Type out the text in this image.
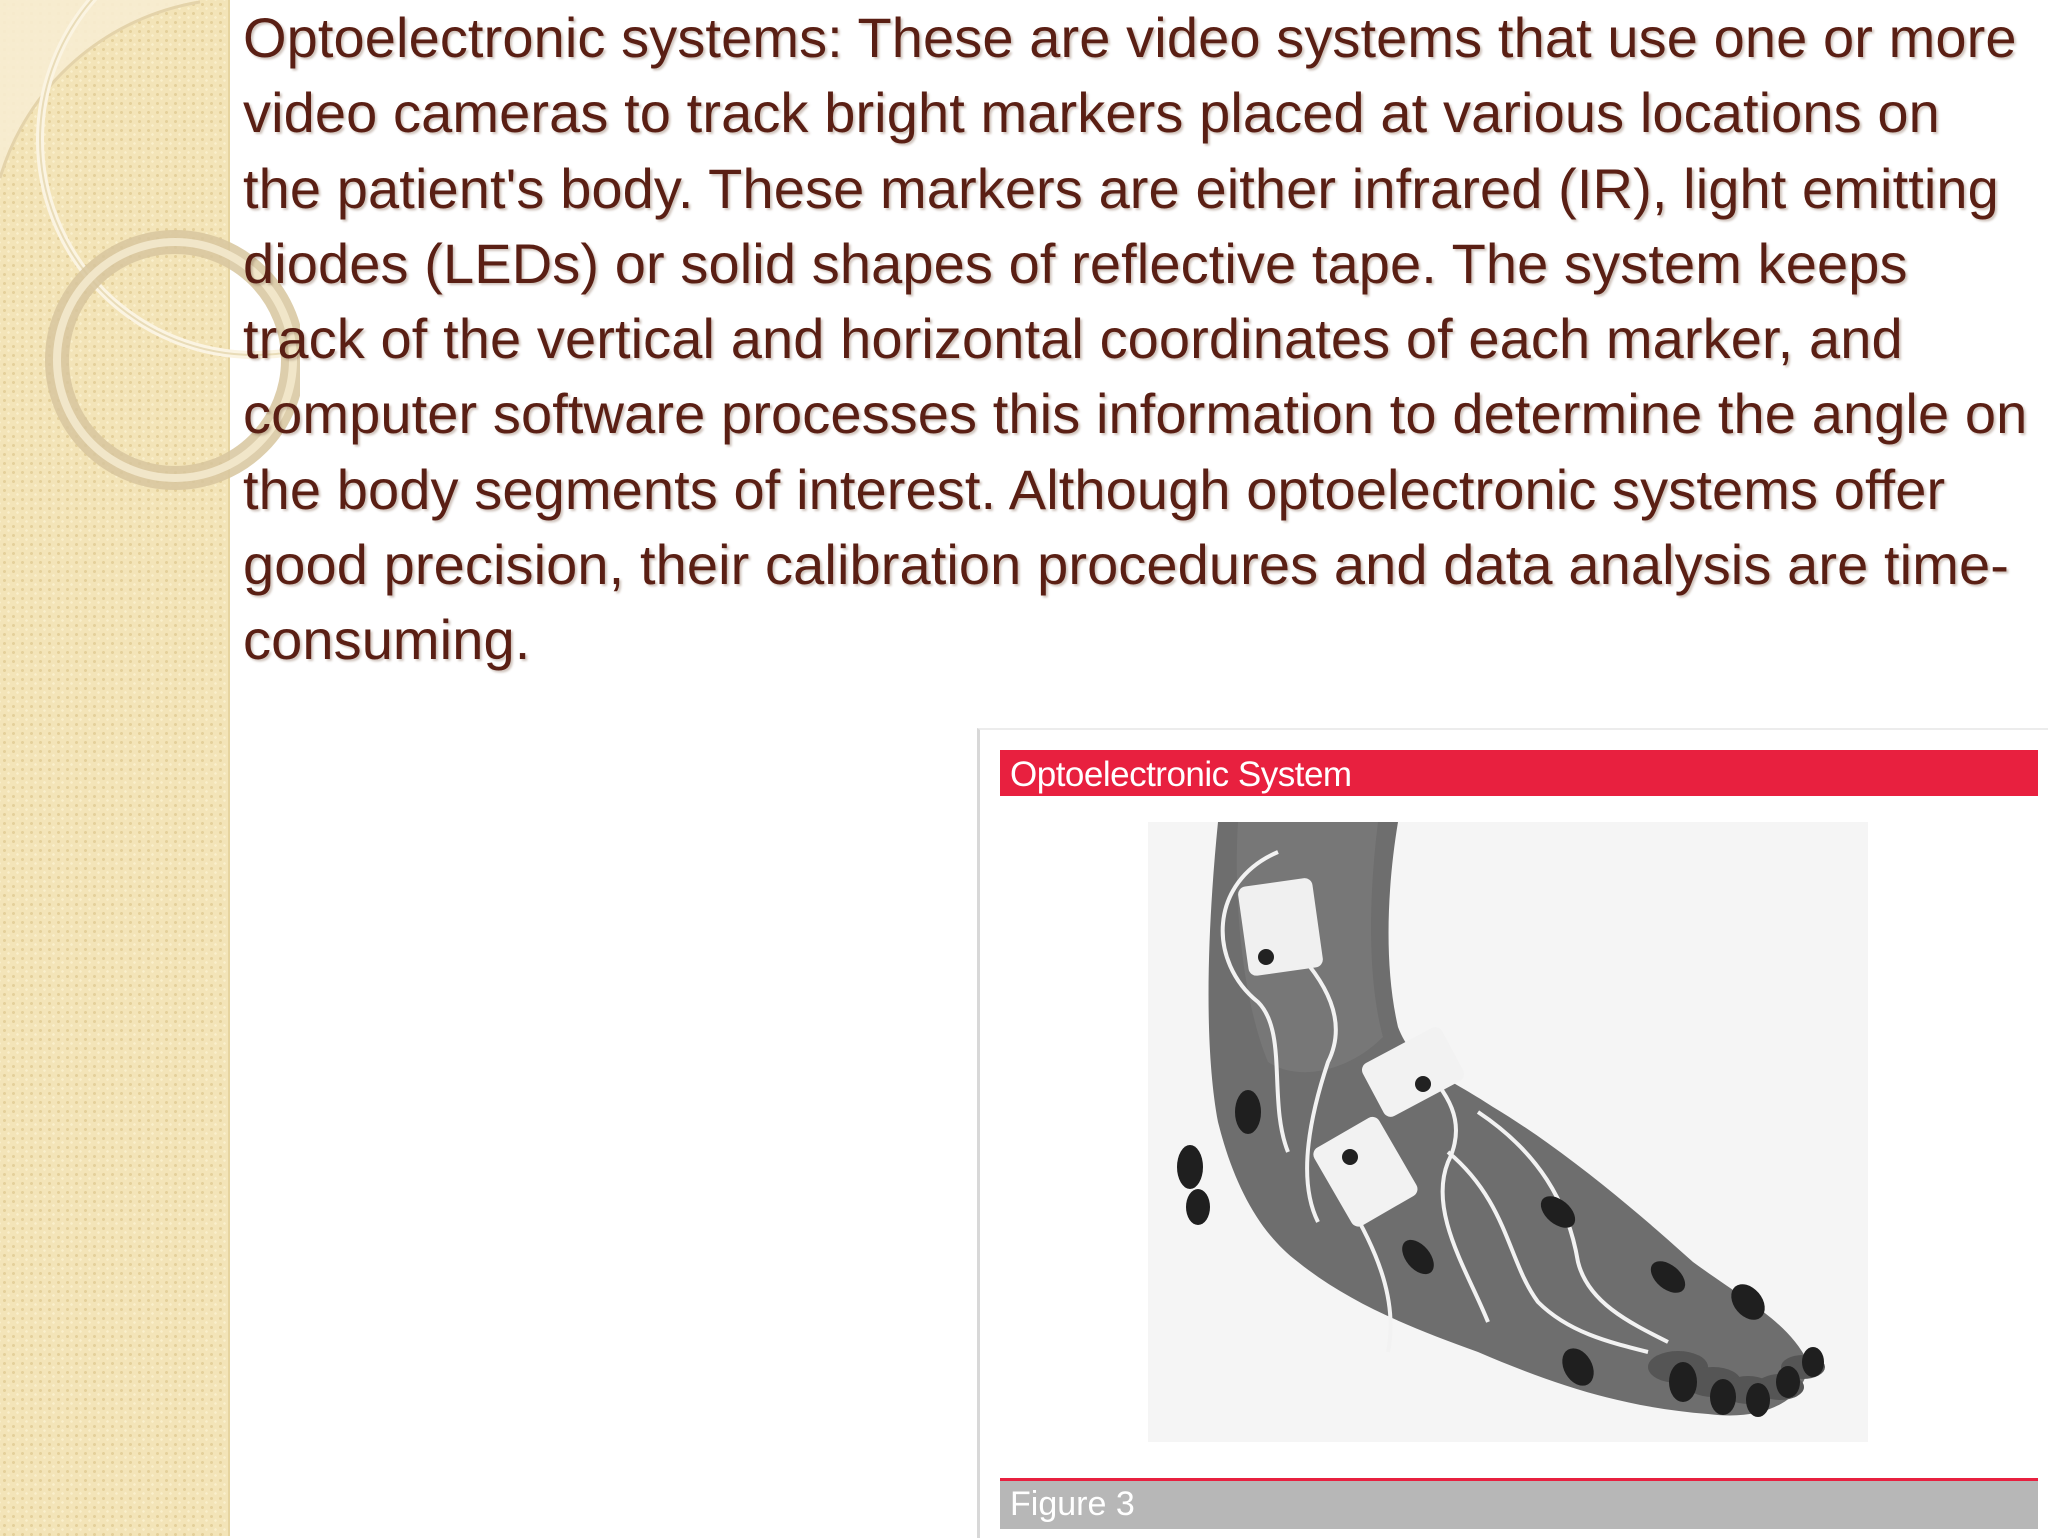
Optoelectronic systems: These are video systems that use one or more video cameras to track bright markers placed at various locations on the patient's body. These markers are either infrared (IR), light emitting diodes (LEDs) or solid shapes of reflective tape. The system keeps track of the vertical and horizontal coordinates of each marker, and computer software processes this information to determine the angle on the body segments of interest. Although optoelectronic systems offer good precision, their calibration procedures and data analysis are time-consuming.

Optoelectronic System
Figure 3
